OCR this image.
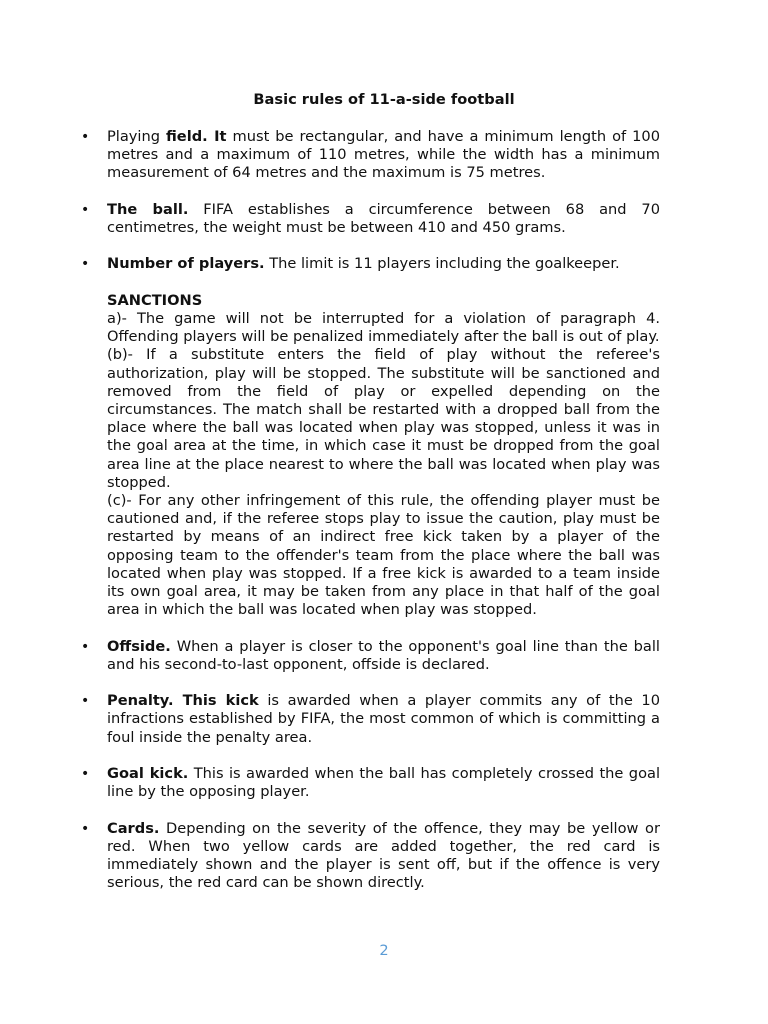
Basic rules of 11-a-side football
• Playing field. It must be rectangular, and have a minimum length of 100 metres and a maximum of 110 metres, while the width has a minimum measurement of 64 metres and the maximum is 75 metres.
• The ball. FIFA establishes a circumference between 68 and 70 centimetres, the weight must be between 410 and 450 grams.
• Number of players. The limit is 11 players including the goalkeeper.
SANCTIONS
a)- The game will not be interrupted for a violation of paragraph 4. Offending players will be penalized immediately after the ball is out of play.
(b)- If a substitute enters the field of play without the referee's authorization, play will be stopped. The substitute will be sanctioned and removed from the field of play or expelled depending on the circumstances. The match shall be restarted with a dropped ball from the place where the ball was located when play was stopped, unless it was in the goal area at the time, in which case it must be dropped from the goal area line at the place nearest to where the ball was located when play was stopped.
(c)- For any other infringement of this rule, the offending player must be cautioned and, if the referee stops play to issue the caution, play must be restarted by means of an indirect free kick taken by a player of the opposing team to the offender's team from the place where the ball was located when play was stopped. If a free kick is awarded to a team inside its own goal area, it may be taken from any place in that half of the goal area in which the ball was located when play was stopped.
• Offside. When a player is closer to the opponent's goal line than the ball and his second-to-last opponent, offside is declared.
• Penalty. This kick is awarded when a player commits any of the 10 infractions established by FIFA, the most common of which is committing a foul inside the penalty area.
• Goal kick. This is awarded when the ball has completely crossed the goal line by the opposing player.
• Cards. Depending on the severity of the offence, they may be yellow or red. When two yellow cards are added together, the red card is immediately shown and the player is sent off, but if the offence is very serious, the red card can be shown directly.
2
